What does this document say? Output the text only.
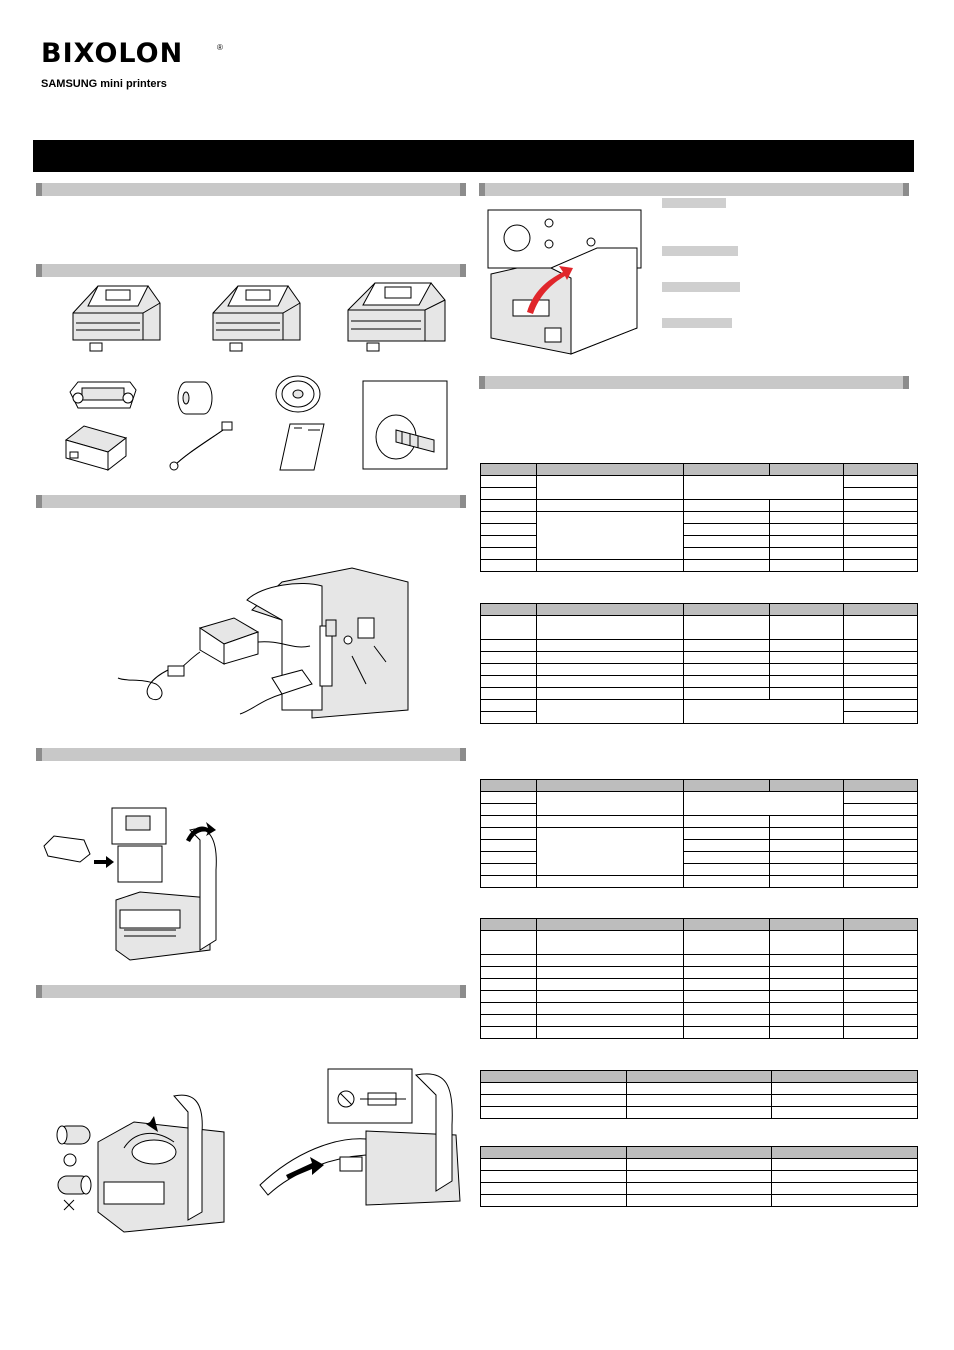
BIXOLON	®
SAMSUNG mini printers
